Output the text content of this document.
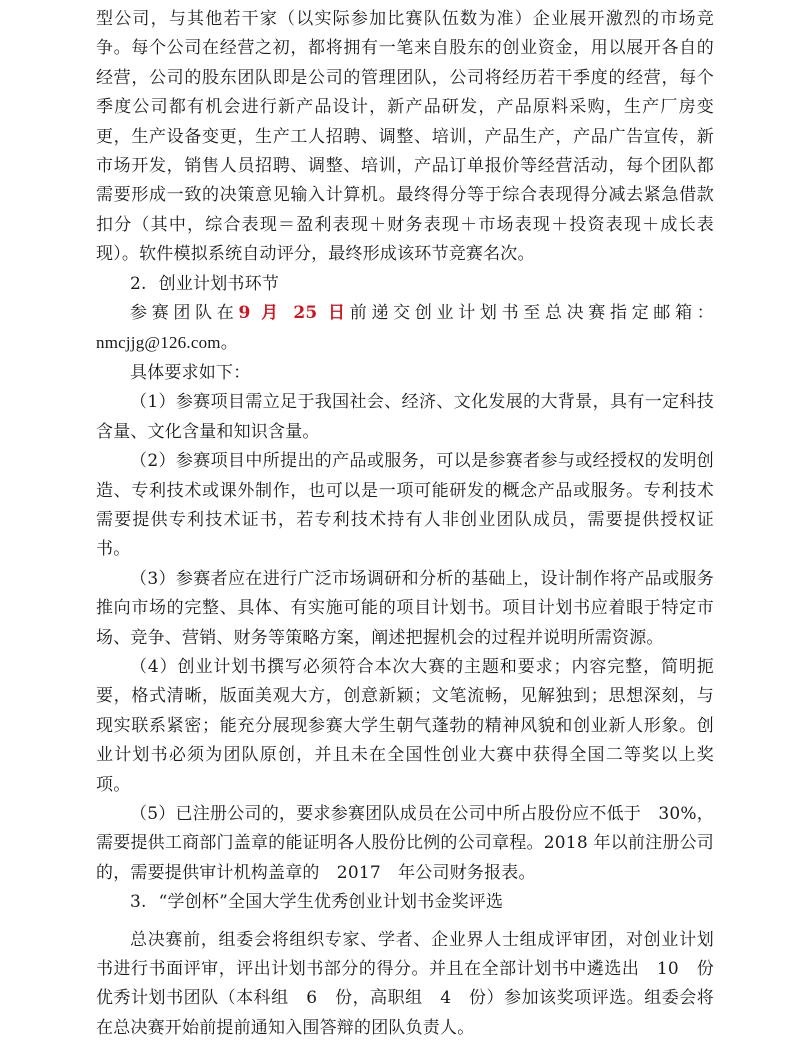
型公司，与其他若干家（以实际参加比赛队伍数为准）企业展开激烈的市场竞争。每个公司在经营之初，都将拥有一笔来自股东的创业资金，用以展开各自的经营，公司的股东团队即是公司的管理团队，公司将经历若干季度的经营，每个季度公司都有机会进行新产品设计，新产品研发，产品原料采购，生产厂房变更，生产设备变更，生产工人招聘、调整、培训，产品生产，产品广告宣传，新市场开发，销售人员招聘、调整、培训，产品订单报价等经营活动，每个团队都需要形成一致的决策意见输入计算机。最终得分等于综合表现得分减去紧急借款扣分（其中，综合表现＝盈利表现＋财务表现＋市场表现＋投资表现＋成长表现）。软件模拟系统自动评分，最终形成该环节竞赛名次。

2. 创业计划书环节

参赛团队在9 月 25 日前递交创业计划书至总决赛指定邮箱：nmcjjg@126.com。

具体要求如下：

（1）参赛项目需立足于我国社会、经济、文化发展的大背景，具有一定科技含量、文化含量和知识含量。

（2）参赛项目中所提出的产品或服务，可以是参赛者参与或经授权的发明创造、专利技术或课外制作，也可以是一项可能研发的概念产品或服务。专利技术需要提供专利技术证书，若专利技术持有人非创业团队成员，需要提供授权证书。

（3）参赛者应在进行广泛市场调研和分析的基础上，设计制作将产品或服务推向市场的完整、具体、有实施可能的项目计划书。项目计划书应着眼于特定市场、竞争、营销、财务等策略方案，阐述把握机会的过程并说明所需资源。

（4）创业计划书撰写必须符合本次大赛的主题和要求；内容完整，简明扼要，格式清晰，版面美观大方，创意新颖；文笔流畅，见解独到；思想深刻，与现实联系紧密；能充分展现参赛大学生朝气蓬勃的精神风貌和创业新人形象。创业计划书必须为团队原创，并且未在全国性创业大赛中获得全国二等奖以上奖项。

（5）已注册公司的，要求参赛团队成员在公司中所占股份应不低于　30%，需要提供工商部门盖章的能证明各人股份比例的公司章程。2018 年以前注册公司的，需要提供审计机构盖章的　2017　年公司财务报表。

3. “学创杯”全国大学生优秀创业计划书金奖评选

总决赛前，组委会将组织专家、学者、企业界人士组成评审团，对创业计划书进行书面评审，评出计划书部分的得分。并且在全部计划书中遴选出　10　份优秀计划书团队（本科组　6　份，高职组　4　份）参加该奖项评选。组委会将在总决赛开始前提前通知入围答辩的团队负责人。
